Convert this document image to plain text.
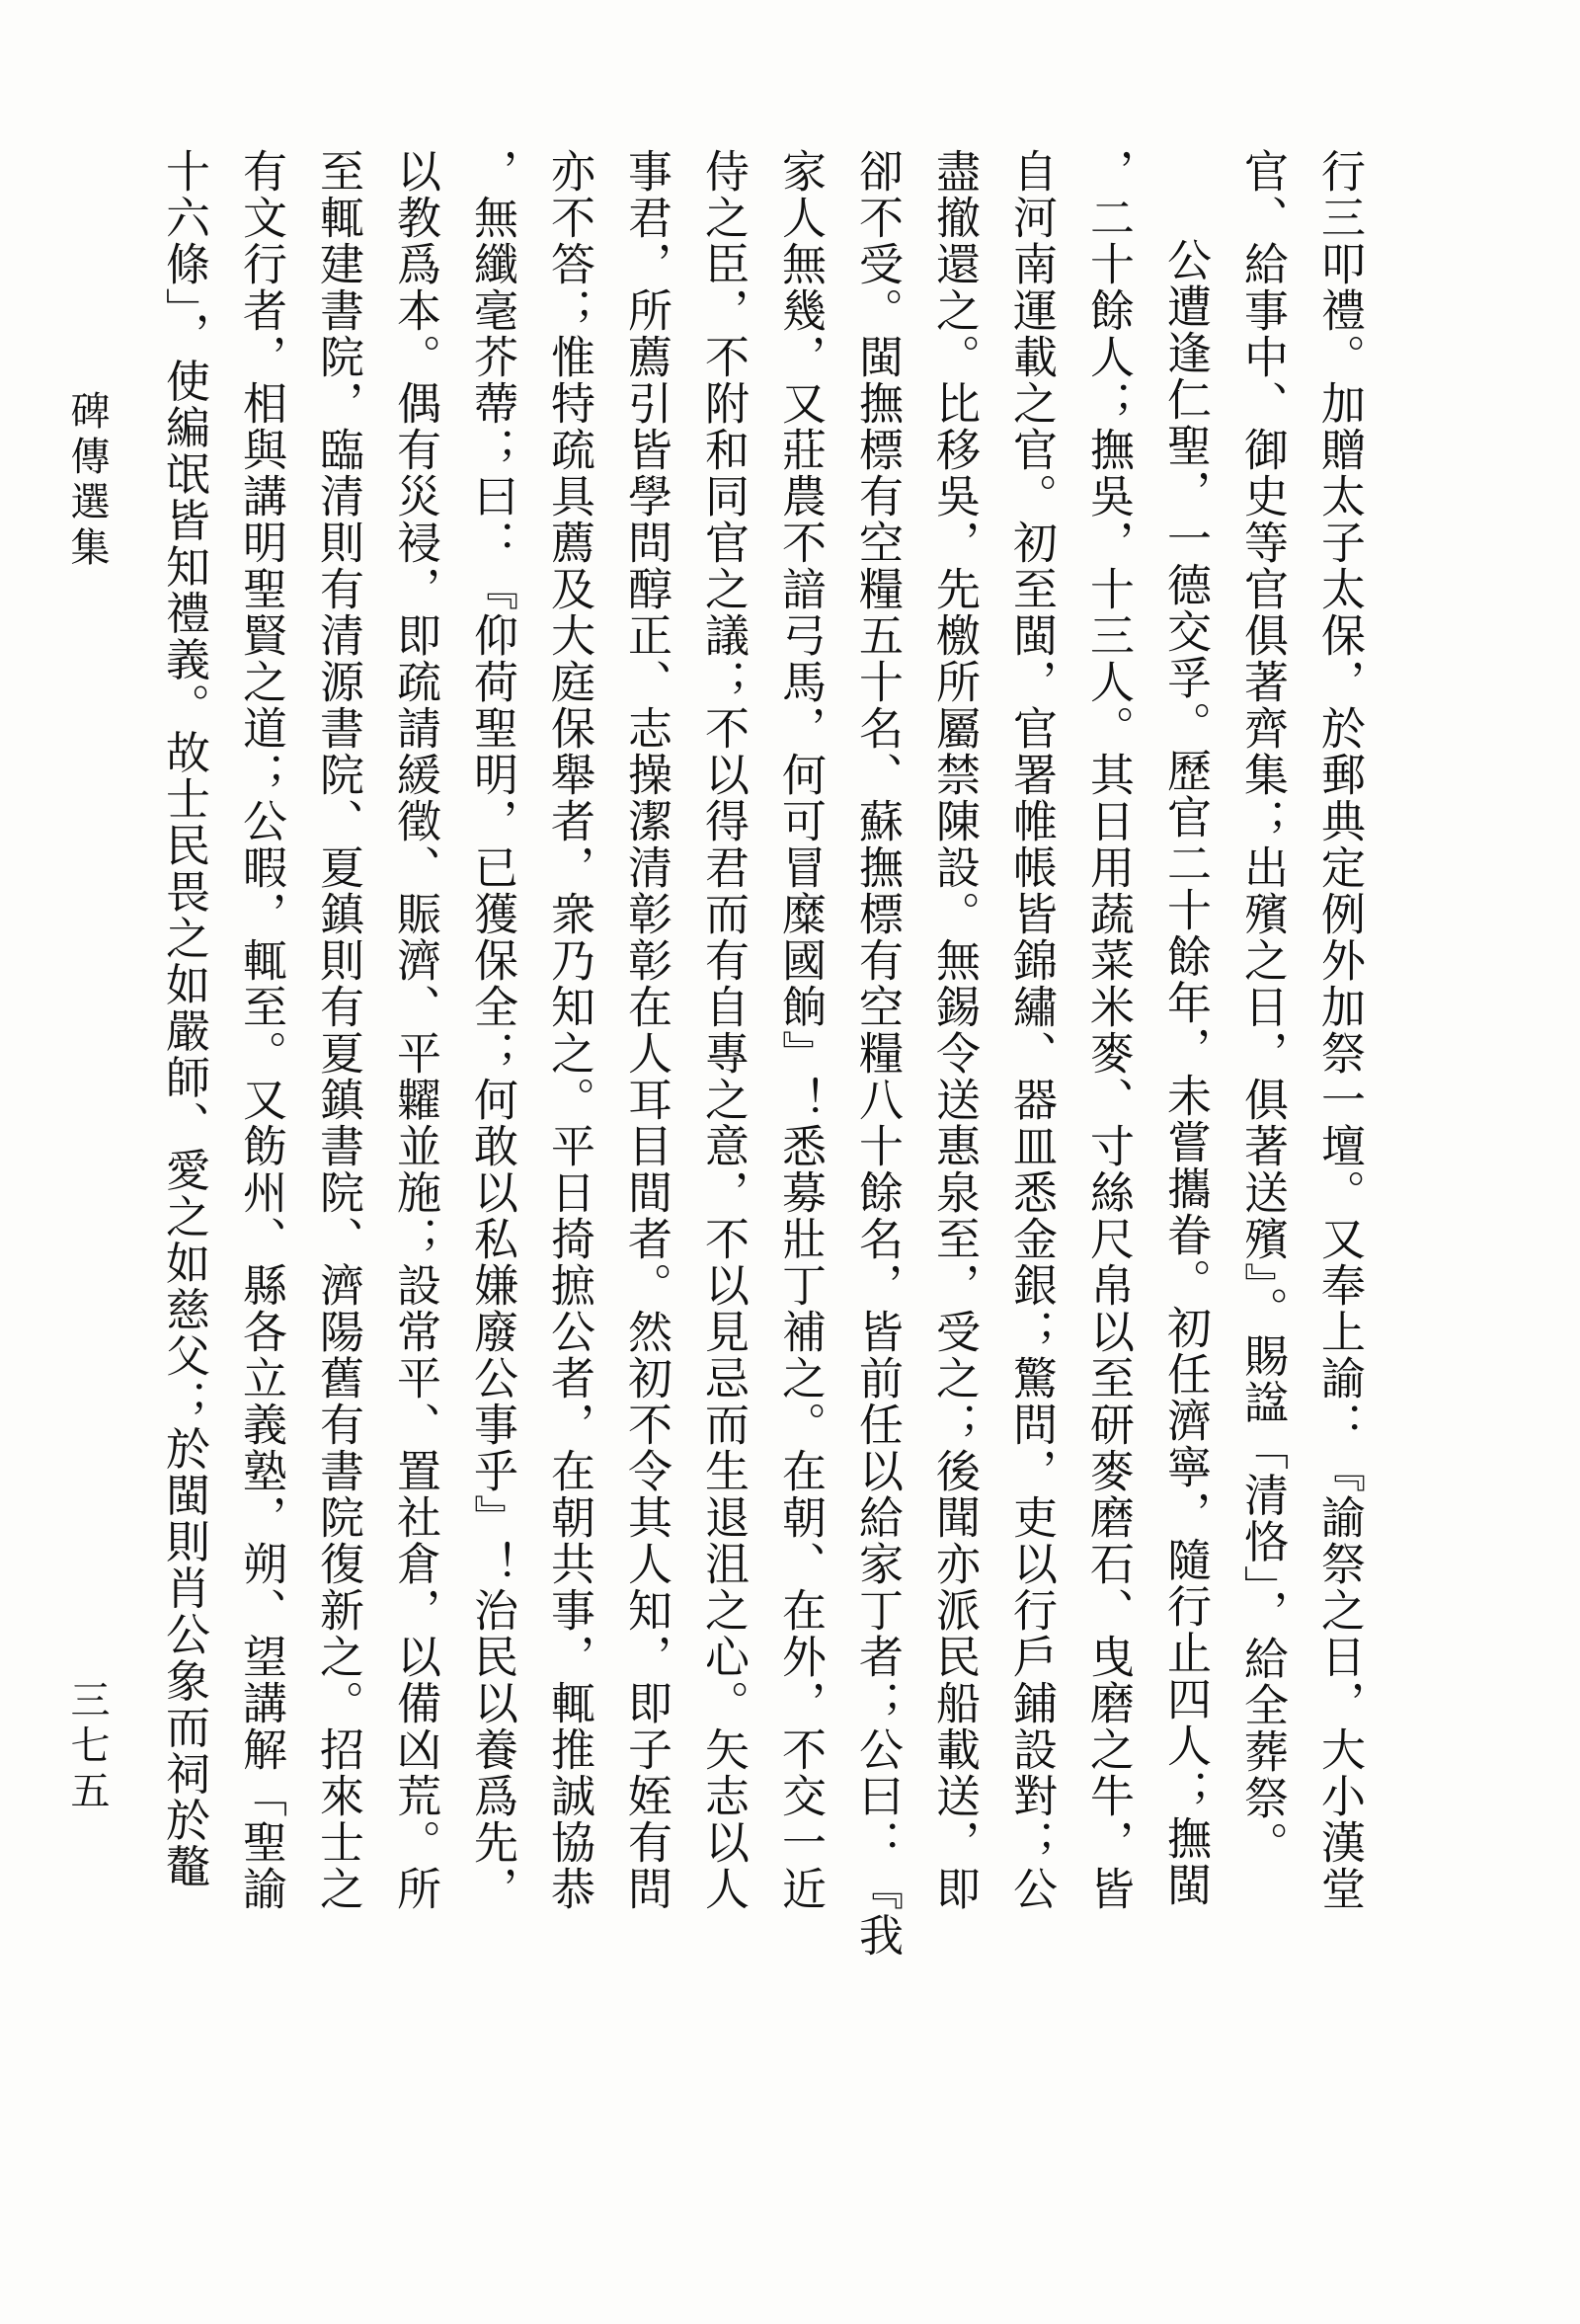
行三叩禮。加贈太子太保，於郵典定例外加祭一壇。又奉上諭：『諭祭之日，大小漢堂
官、給事中、御史等官俱著齊集；出殯之日，俱著送殯』。賜諡「清恪」，給全葬祭。
公遭逢仁聖，一德交孚。歷官二十餘年，未嘗攜眷。初任濟寧，隨行止四人；撫閩
，二十餘人；撫吳，十三人。其日用蔬菜米麥、寸絲尺帛以至研麥磨石、曳磨之牛，皆
自河南運載之官。初至閩，官署帷帳皆錦繡、器皿悉金銀；驚問，吏以行戶鋪設對；公
盡撤還之。比移吳，先檄所屬禁陳設。無錫令送惠泉至，受之；後聞亦派民船載送，即
卻不受。閩撫標有空糧五十名、蘇撫標有空糧八十餘名，皆前任以給家丁者；公曰：『我
家人無幾，又莊農不諳弓馬，何可冒糜國餉』！悉募壯丁補之。在朝、在外，不交一近
侍之臣，不附和同官之議；不以得君而有自專之意，不以見忌而生退沮之心。矢志以人
事君，所薦引皆學問醇正、志操潔清彰彰在人耳目間者。然初不令其人知，即子姪有問
亦不答；惟特疏具薦及大庭保舉者，衆乃知之。平日掎摭公者，在朝共事，輒推誠協恭
，無纖毫芥蔕；曰：『仰荷聖明，已獲保全；何敢以私嫌廢公事乎』！治民以養爲先，
以教爲本。偶有災祲，即疏請緩徵、賑濟、平糶並施；設常平、置社倉，以備凶荒。所
至輒建書院，臨清則有清源書院、夏鎮則有夏鎮書院、濟陽舊有書院復新之。招來士之
有文行者，相與講明聖賢之道；公暇，輒至。又飭州、縣各立義塾，朔、望講解「聖諭
十六條」，使編氓皆知禮義。故士民畏之如嚴師、愛之如慈父；於閩則肖公象而祠於鼇
碑傳選集
三七五
